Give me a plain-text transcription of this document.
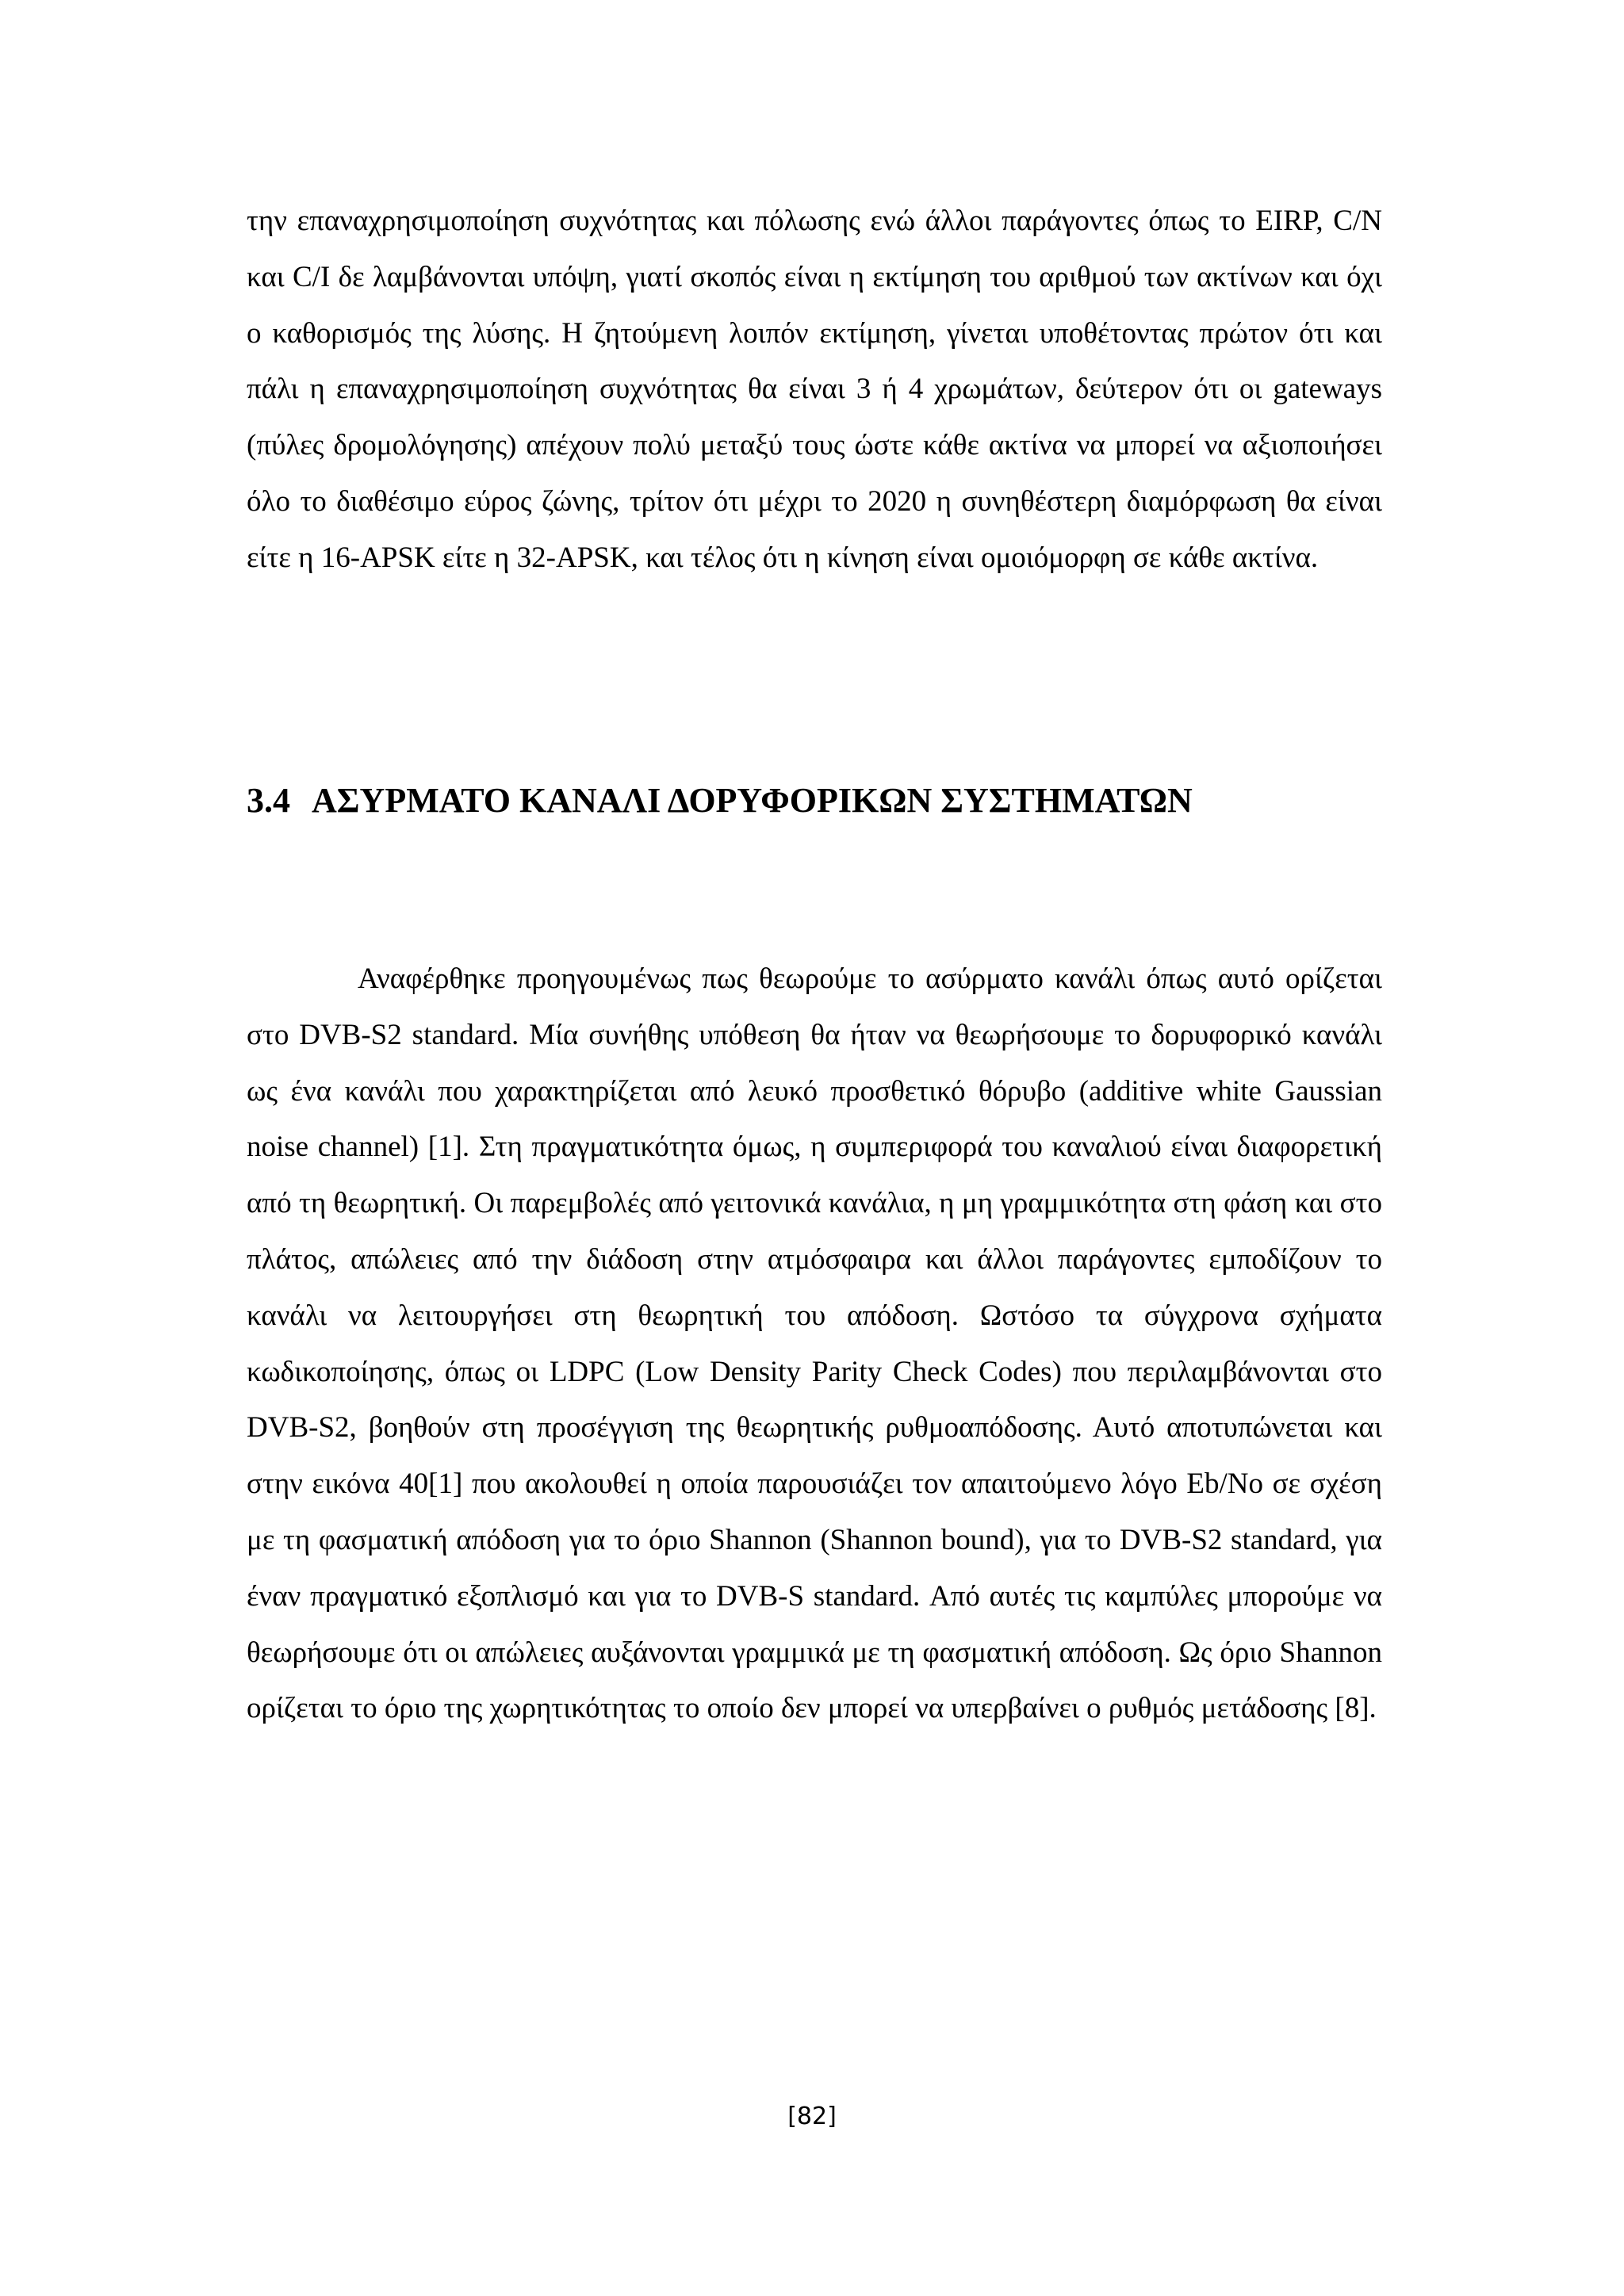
την επαναχρησιμοποίηση συχνότητας και πόλωσης ενώ άλλοι παράγοντες όπως το EIRP, C/N και C/I δε λαμβάνονται υπόψη, γιατί σκοπός είναι η εκτίμηση του αριθμού των ακτίνων και όχι ο καθορισμός της λύσης. Η ζητούμενη λοιπόν εκτίμηση, γίνεται υποθέτοντας πρώτον ότι και πάλι η επαναχρησιμοποίηση συχνότητας θα είναι 3 ή 4 χρωμάτων, δεύτερον ότι οι gateways (πύλες δρομολόγησης) απέχουν πολύ μεταξύ τους ώστε κάθε ακτίνα να μπορεί να αξιοποιήσει όλο το διαθέσιμο εύρος ζώνης, τρίτον ότι μέχρι το 2020 η συνηθέστερη διαμόρφωση θα είναι είτε η 16-APSK είτε η 32-APSK, και τέλος ότι η κίνηση είναι ομοιόμορφη σε κάθε ακτίνα.

3.4 ΑΣΥΡΜΑΤΟ ΚΑΝΑΛΙ ΔΟΡΥΦΟΡΙΚΩΝ ΣΥΣΤΗΜΑΤΩΝ

Αναφέρθηκε προηγουμένως πως θεωρούμε το ασύρματο κανάλι όπως αυτό ορίζεται στο DVB-S2 standard. Μία συνήθης υπόθεση θα ήταν να θεωρήσουμε το δορυφορικό κανάλι ως ένα κανάλι που χαρακτηρίζεται από λευκό προσθετικό θόρυβο (additive white Gaussian noise channel) [1]. Στη πραγματικότητα όμως, η συμπεριφορά του καναλιού είναι διαφορετική από τη θεωρητική. Οι παρεμβολές από γειτονικά κανάλια, η μη γραμμικότητα στη φάση και στο πλάτος, απώλειες από την διάδοση στην ατμόσφαιρα και άλλοι παράγοντες εμποδίζουν το κανάλι να λειτουργήσει στη θεωρητική του απόδοση. Ωστόσο τα σύγχρονα σχήματα κωδικοποίησης, όπως οι LDPC (Low Density Parity Check Codes) που περιλαμβάνονται στο DVB-S2, βοηθούν στη προσέγγιση της θεωρητικής ρυθμοαπόδοσης. Αυτό αποτυπώνεται και στην εικόνα 40[1] που ακολουθεί η οποία παρουσιάζει τον απαιτούμενο λόγο Eb/No σε σχέση με τη φασματική απόδοση για το όριο Shannon (Shannon bound), για το DVB-S2 standard, για έναν πραγματικό εξοπλισμό και για το DVB-S standard. Από αυτές τις καμπύλες μπορούμε να θεωρήσουμε ότι οι απώλειες αυξάνονται γραμμικά με τη φασματική απόδοση. Ως όριο Shannon ορίζεται το όριο της χωρητικότητας το οποίο δεν μπορεί να υπερβαίνει ο ρυθμός μετάδοσης [8].

[82]
